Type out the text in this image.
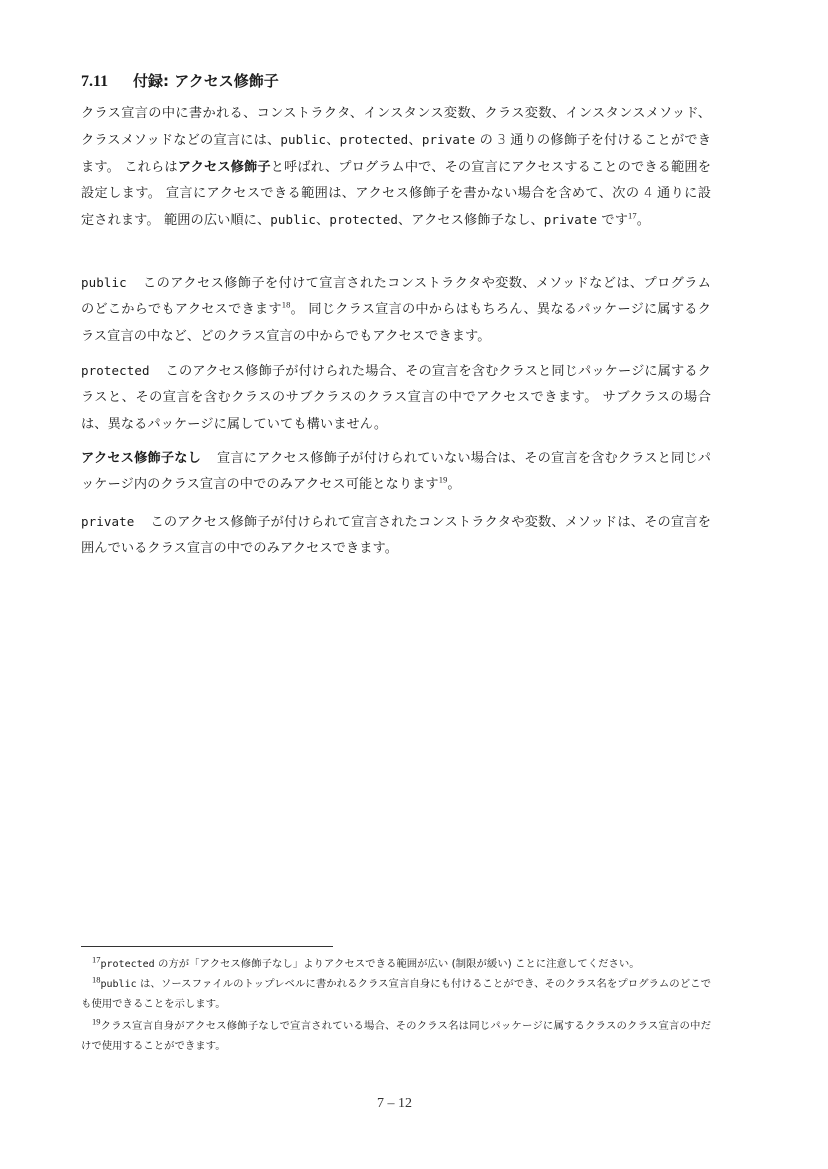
7.11 付録: アクセス修飾子
クラス宣言の中に書かれる、コンストラクタ、インスタンス変数、クラス変数、インスタンスメソッド、クラスメソッドなどの宣言には、public、protected、private の 3 通りの修飾子を付けることができます。 これらはアクセス修飾子と呼ばれ、プログラム中で、その宣言にアクセスすることのできる範囲を設定します。 宣言にアクセスできる範囲は、アクセス修飾子を書かない場合を含めて、次の 4 通りに設定されます。 範囲の広い順に、public、protected、アクセス修飾子なし、private です$^{17}$。
public このアクセス修飾子を付けて宣言されたコンストラクタや変数、メソッドなどは、プログラムのどこからでもアクセスできます$^{18}$。 同じクラス宣言の中からはもちろん、異なるパッケージに属するクラス宣言の中など、どのクラス宣言の中からでもアクセスできます。
protected このアクセス修飾子が付けられた場合、その宣言を含むクラスと同じパッケージに属するクラスと、その宣言を含むクラスのサブクラスのクラス宣言の中でアクセスできます。 サブクラスの場合は、異なるパッケージに属していても構いません。
アクセス修飾子なし 宣言にアクセス修飾子が付けられていない場合は、その宣言を含むクラスと同じパッケージ内のクラス宣言の中でのみアクセス可能となります$^{19}$。
private このアクセス修飾子が付けられて宣言されたコンストラクタや変数、メソッドは、その宣言を囲んでいるクラス宣言の中でのみアクセスできます。
$^{17}$protected の方が「アクセス修飾子なし」よりアクセスできる範囲が広い (制限が緩い) ことに注意してください。
$^{18}$public は、ソースファイルのトップレベルに書かれるクラス宣言自身にも付けることができ、そのクラス名をプログラムのどこでも使用できることを示します。
$^{19}$クラス宣言自身がアクセス修飾子なしで宣言されている場合、そのクラス名は同じパッケージに属するクラスのクラス宣言の中だけで使用することができます。
7 – 12
